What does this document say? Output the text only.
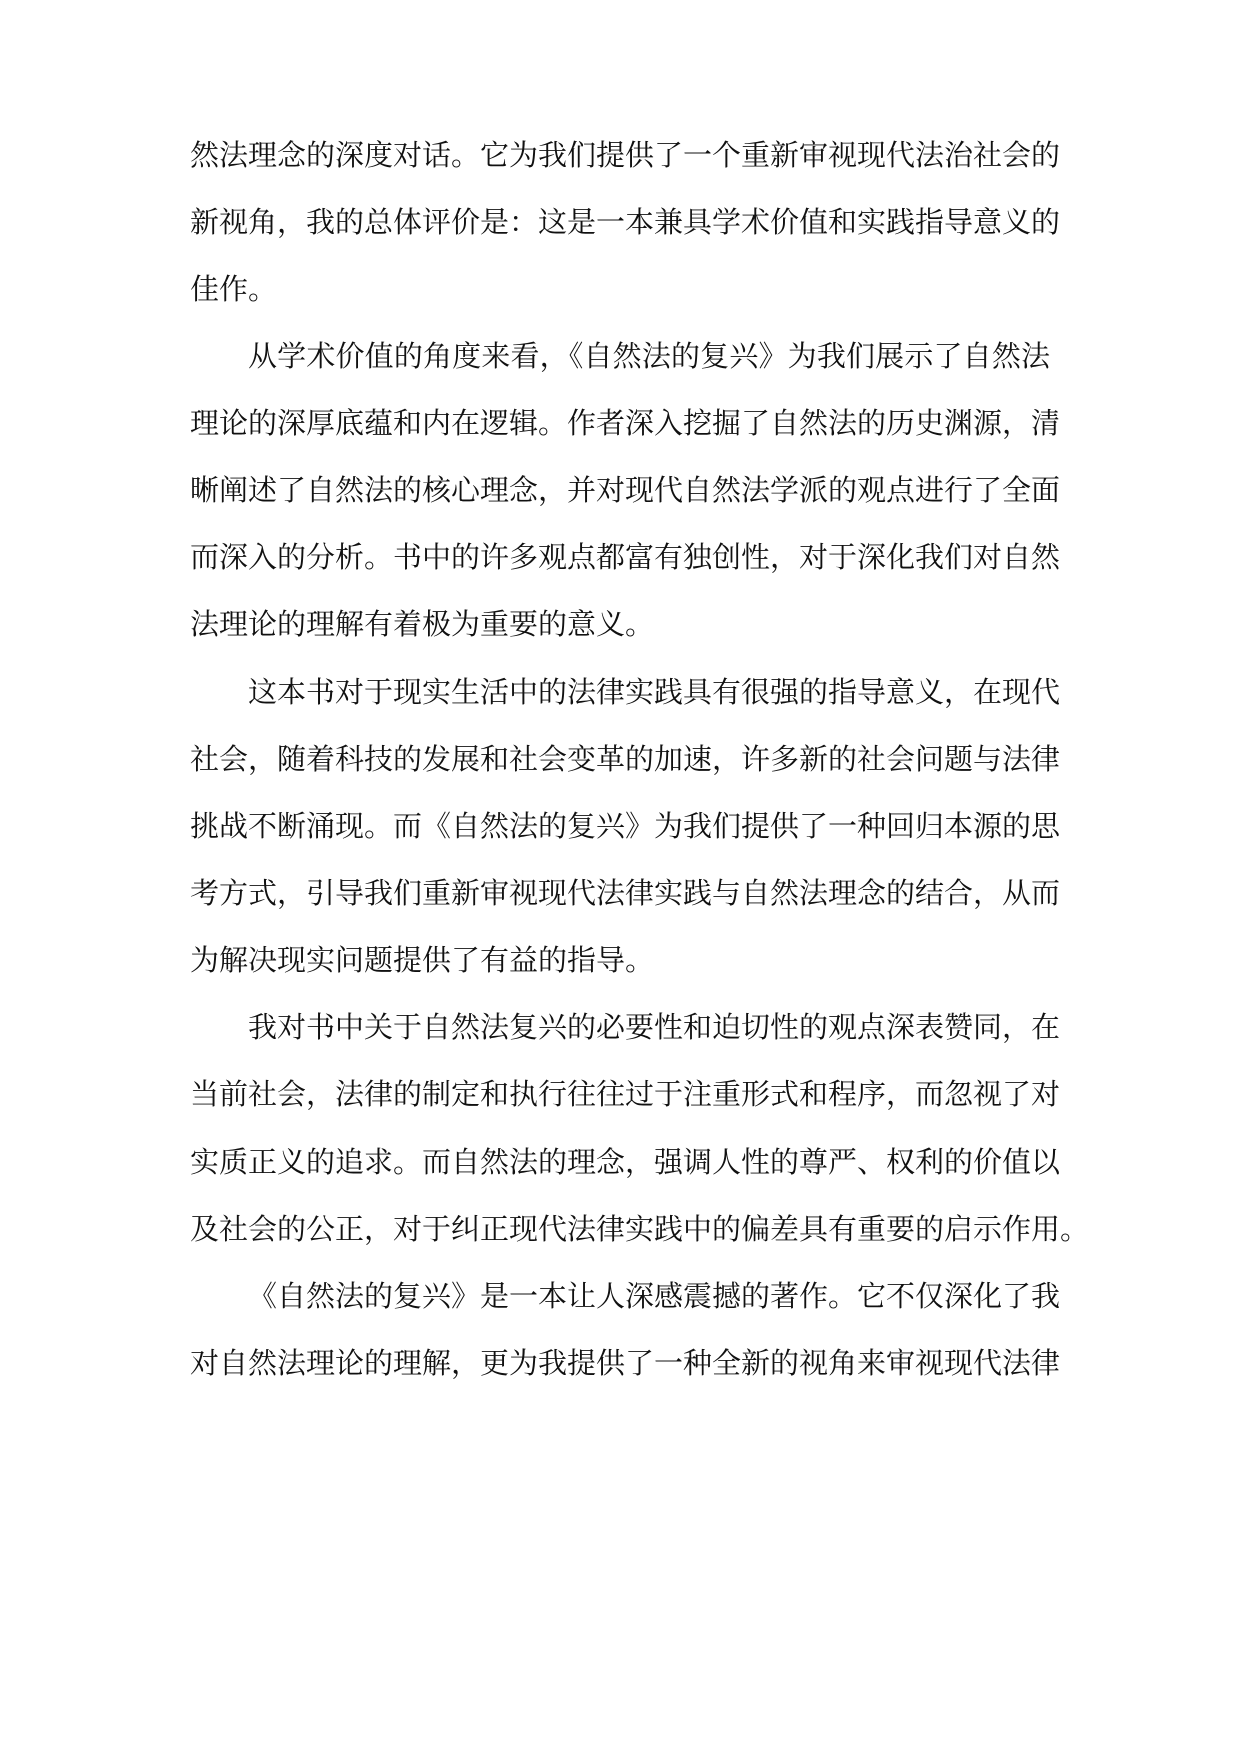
然法理念的深度对话。它为我们提供了一个重新审视现代法治社会的

新视角，我的总体评价是：这是一本兼具学术价值和实践指导意义的

佳作。

从学术价值的角度来看，《自然法的复兴》为我们展示了自然法

理论的深厚底蕴和内在逻辑。作者深入挖掘了自然法的历史渊源，清

晰阐述了自然法的核心理念，并对现代自然法学派的观点进行了全面

而深入的分析。书中的许多观点都富有独创性，对于深化我们对自然

法理论的理解有着极为重要的意义。

这本书对于现实生活中的法律实践具有很强的指导意义，在现代

社会，随着科技的发展和社会变革的加速，许多新的社会问题与法律

挑战不断涌现。而《自然法的复兴》为我们提供了一种回归本源的思

考方式，引导我们重新审视现代法律实践与自然法理念的结合，从而

为解决现实问题提供了有益的指导。

我对书中关于自然法复兴的必要性和迫切性的观点深表赞同，在

当前社会，法律的制定和执行往往过于注重形式和程序，而忽视了对

实质正义的追求。而自然法的理念，强调人性的尊严、权利的价值以

及社会的公正，对于纠正现代法律实践中的偏差具有重要的启示作用。

《自然法的复兴》是一本让人深感震撼的著作。它不仅深化了我

对自然法理论的理解，更为我提供了一种全新的视角来审视现代法律
